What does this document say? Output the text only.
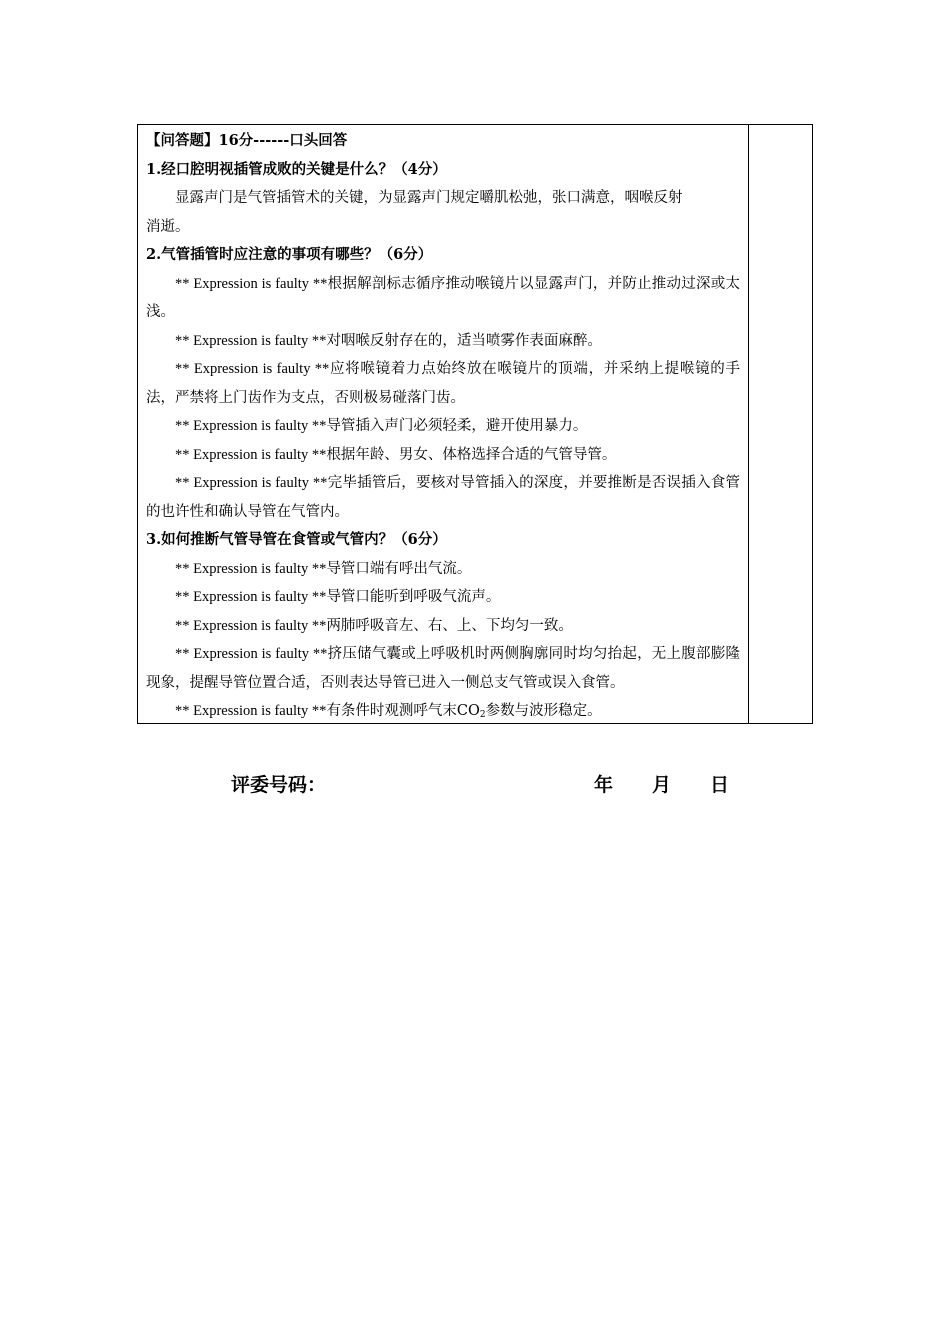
【问答题】16分------口头回答

1.经口腔明视插管成败的关键是什么？（4分）

显露声门是气管插管术的关键，为显露声门规定嚼肌松弛，张口满意，咽喉反射

消逝。

2.气管插管时应注意的事项有哪些？（6分）

** Expression is faulty **根据解剖标志循序推动喉镜片以显露声门，并防止推动过深或太浅。

** Expression is faulty **对咽喉反射存在的，适当喷雾作表面麻醉。

** Expression is faulty **应将喉镜着力点始终放在喉镜片的顶端，并采纳上提喉镜的手法，严禁将上门齿作为支点，否则极易碰落门齿。

** Expression is faulty **导管插入声门必须轻柔，避开使用暴力。

** Expression is faulty **根据年龄、男女、体格选择合适的气管导管。

** Expression is faulty **完毕插管后，要核对导管插入的深度，并要推断是否误插入食管的也许性和确认导管在气管内。

3.如何推断气管导管在食管或气管内？（6分）

** Expression is faulty **导管口端有呼出气流。

** Expression is faulty **导管口能听到呼吸气流声。

** Expression is faulty **两肺呼吸音左、右、上、下均匀一致。

** Expression is faulty **挤压储气囊或上呼吸机时两侧胸廓同时均匀抬起，无上腹部膨隆现象，提醒导管位置合适，否则表达导管已进入一侧总支气管或误入食管。

** Expression is faulty **有条件时观测呼气末$CO_2$参数与波形稳定。

评委号码：	年 月 日
